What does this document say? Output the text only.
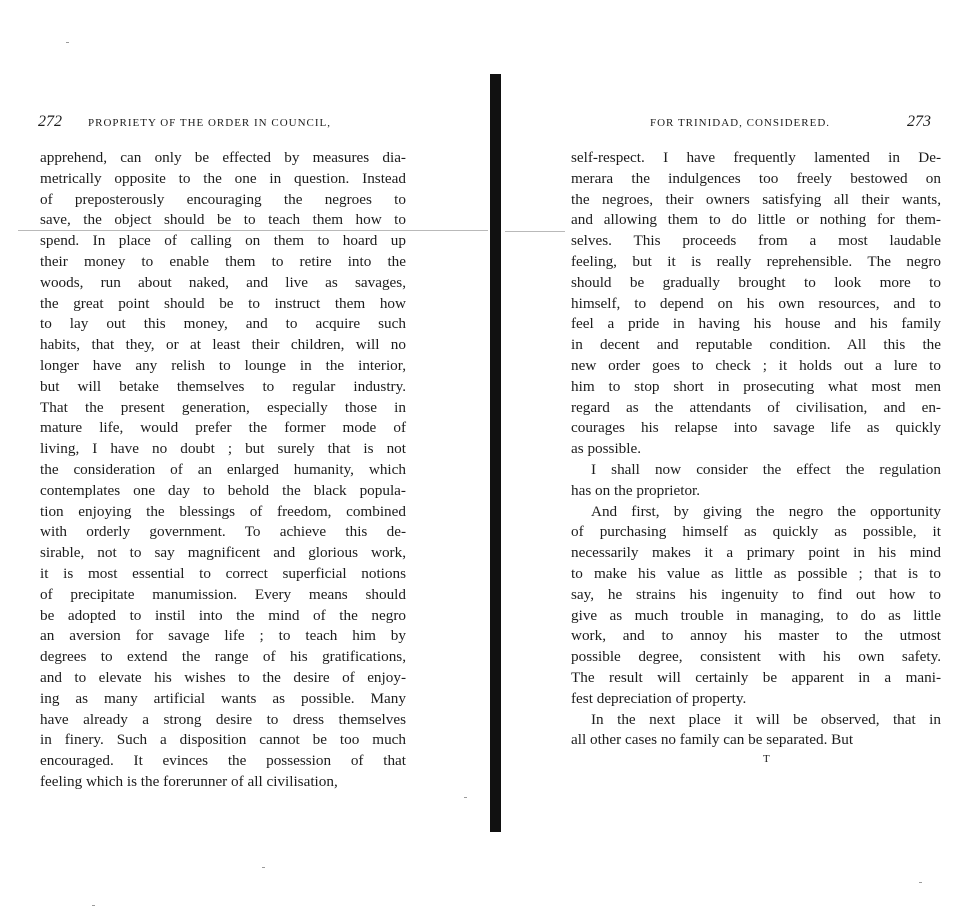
272 PROPRIETY OF THE ORDER IN COUNCIL,
apprehend, can only be effected by measures dia-
metrically opposite to the one in question. Instead
of preposterously encouraging the negroes to
save, the object should be to teach them how to
spend. In place of calling on them to hoard up
their money to enable them to retire into the
woods, run about naked, and live as savages,
the great point should be to instruct them how
to lay out this money, and to acquire such
habits, that they, or at least their children, will no
longer have any relish to lounge in the interior,
but will betake themselves to regular industry.
That the present generation, especially those in
mature life, would prefer the former mode of
living, I have no doubt ; but surely that is not
the consideration of an enlarged humanity, which
contemplates one day to behold the black popula-
tion enjoying the blessings of freedom, combined
with orderly government. To achieve this de-
sirable, not to say magnificent and glorious work,
it is most essential to correct superficial notions
of precipitate manumission. Every means should
be adopted to instil into the mind of the negro
an aversion for savage life ; to teach him by
degrees to extend the range of his gratifications,
and to elevate his wishes to the desire of enjoy-
ing as many artificial wants as possible. Many
have already a strong desire to dress themselves
in finery. Such a disposition cannot be too much
encouraged. It evinces the possession of that
feeling which is the forerunner of all civilisation,
FOR TRINIDAD, CONSIDERED.	273
self-respect. I have frequently lamented in De-
merara the indulgences too freely bestowed on
the negroes, their owners satisfying all their wants,
and allowing them to do little or nothing for them-
selves. This proceeds from a most laudable
feeling, but it is really reprehensible. The negro
should be gradually brought to look more to
himself, to depend on his own resources, and to
feel a pride in having his house and his family
in decent and reputable condition. All this the
new order goes to check ; it holds out a lure to
him to stop short in prosecuting what most men
regard as the attendants of civilisation, and en-
courages his relapse into savage life as quickly
as possible.
I shall now consider the effect the regulation
has on the proprietor.
And first, by giving the negro the opportunity
of purchasing himself as quickly as possible, it
necessarily makes it a primary point in his mind
to make his value as little as possible ; that is to
say, he strains his ingenuity to find out how to
give as much trouble in managing, to do as little
work, and to annoy his master to the utmost
possible degree, consistent with his own safety.
The result will certainly be apparent in a mani-
fest depreciation of property.
In the next place it will be observed, that in
all other cases no family can be separated. But
T
